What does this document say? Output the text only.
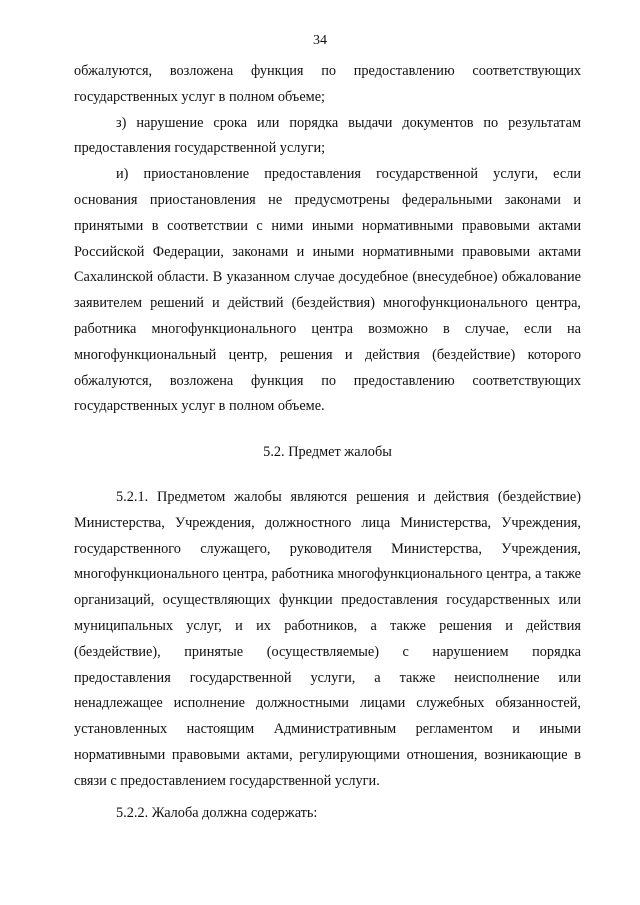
34

обжалуются, возложена функция по предоставлению соответствующих государственных услуг в полном объеме;

з) нарушение срока или порядка выдачи документов по результатам предоставления государственной услуги;

и) приостановление предоставления государственной услуги, если основания приостановления не предусмотрены федеральными законами и принятыми в соответствии с ними иными нормативными правовыми актами Российской Федерации, законами и иными нормативными правовыми актами Сахалинской области. В указанном случае досудебное (внесудебное) обжалование заявителем решений и действий (бездействия) многофункционального центра, работника многофункционального центра возможно в случае, если на многофункциональный центр, решения и действия (бездействие) которого обжалуются, возложена функция по предоставлению соответствующих государственных услуг в полном объеме.

5.2. Предмет жалобы

5.2.1. Предметом жалобы являются решения и действия (бездействие) Министерства, Учреждения, должностного лица Министерства, Учреждения, государственного служащего, руководителя Министерства, Учреждения, многофункционального центра, работника многофункционального центра, а также организаций, осуществляющих функции предоставления государственных или муниципальных услуг, и их работников, а также решения и действия (бездействие), принятые (осуществляемые) с нарушением порядка предоставления государственной услуги, а также неисполнение или ненадлежащее исполнение должностными лицами служебных обязанностей, установленных настоящим Административным регламентом и иными нормативными правовыми актами, регулирующими отношения, возникающие в связи с предоставлением государственной услуги.

5.2.2. Жалоба должна содержать:
